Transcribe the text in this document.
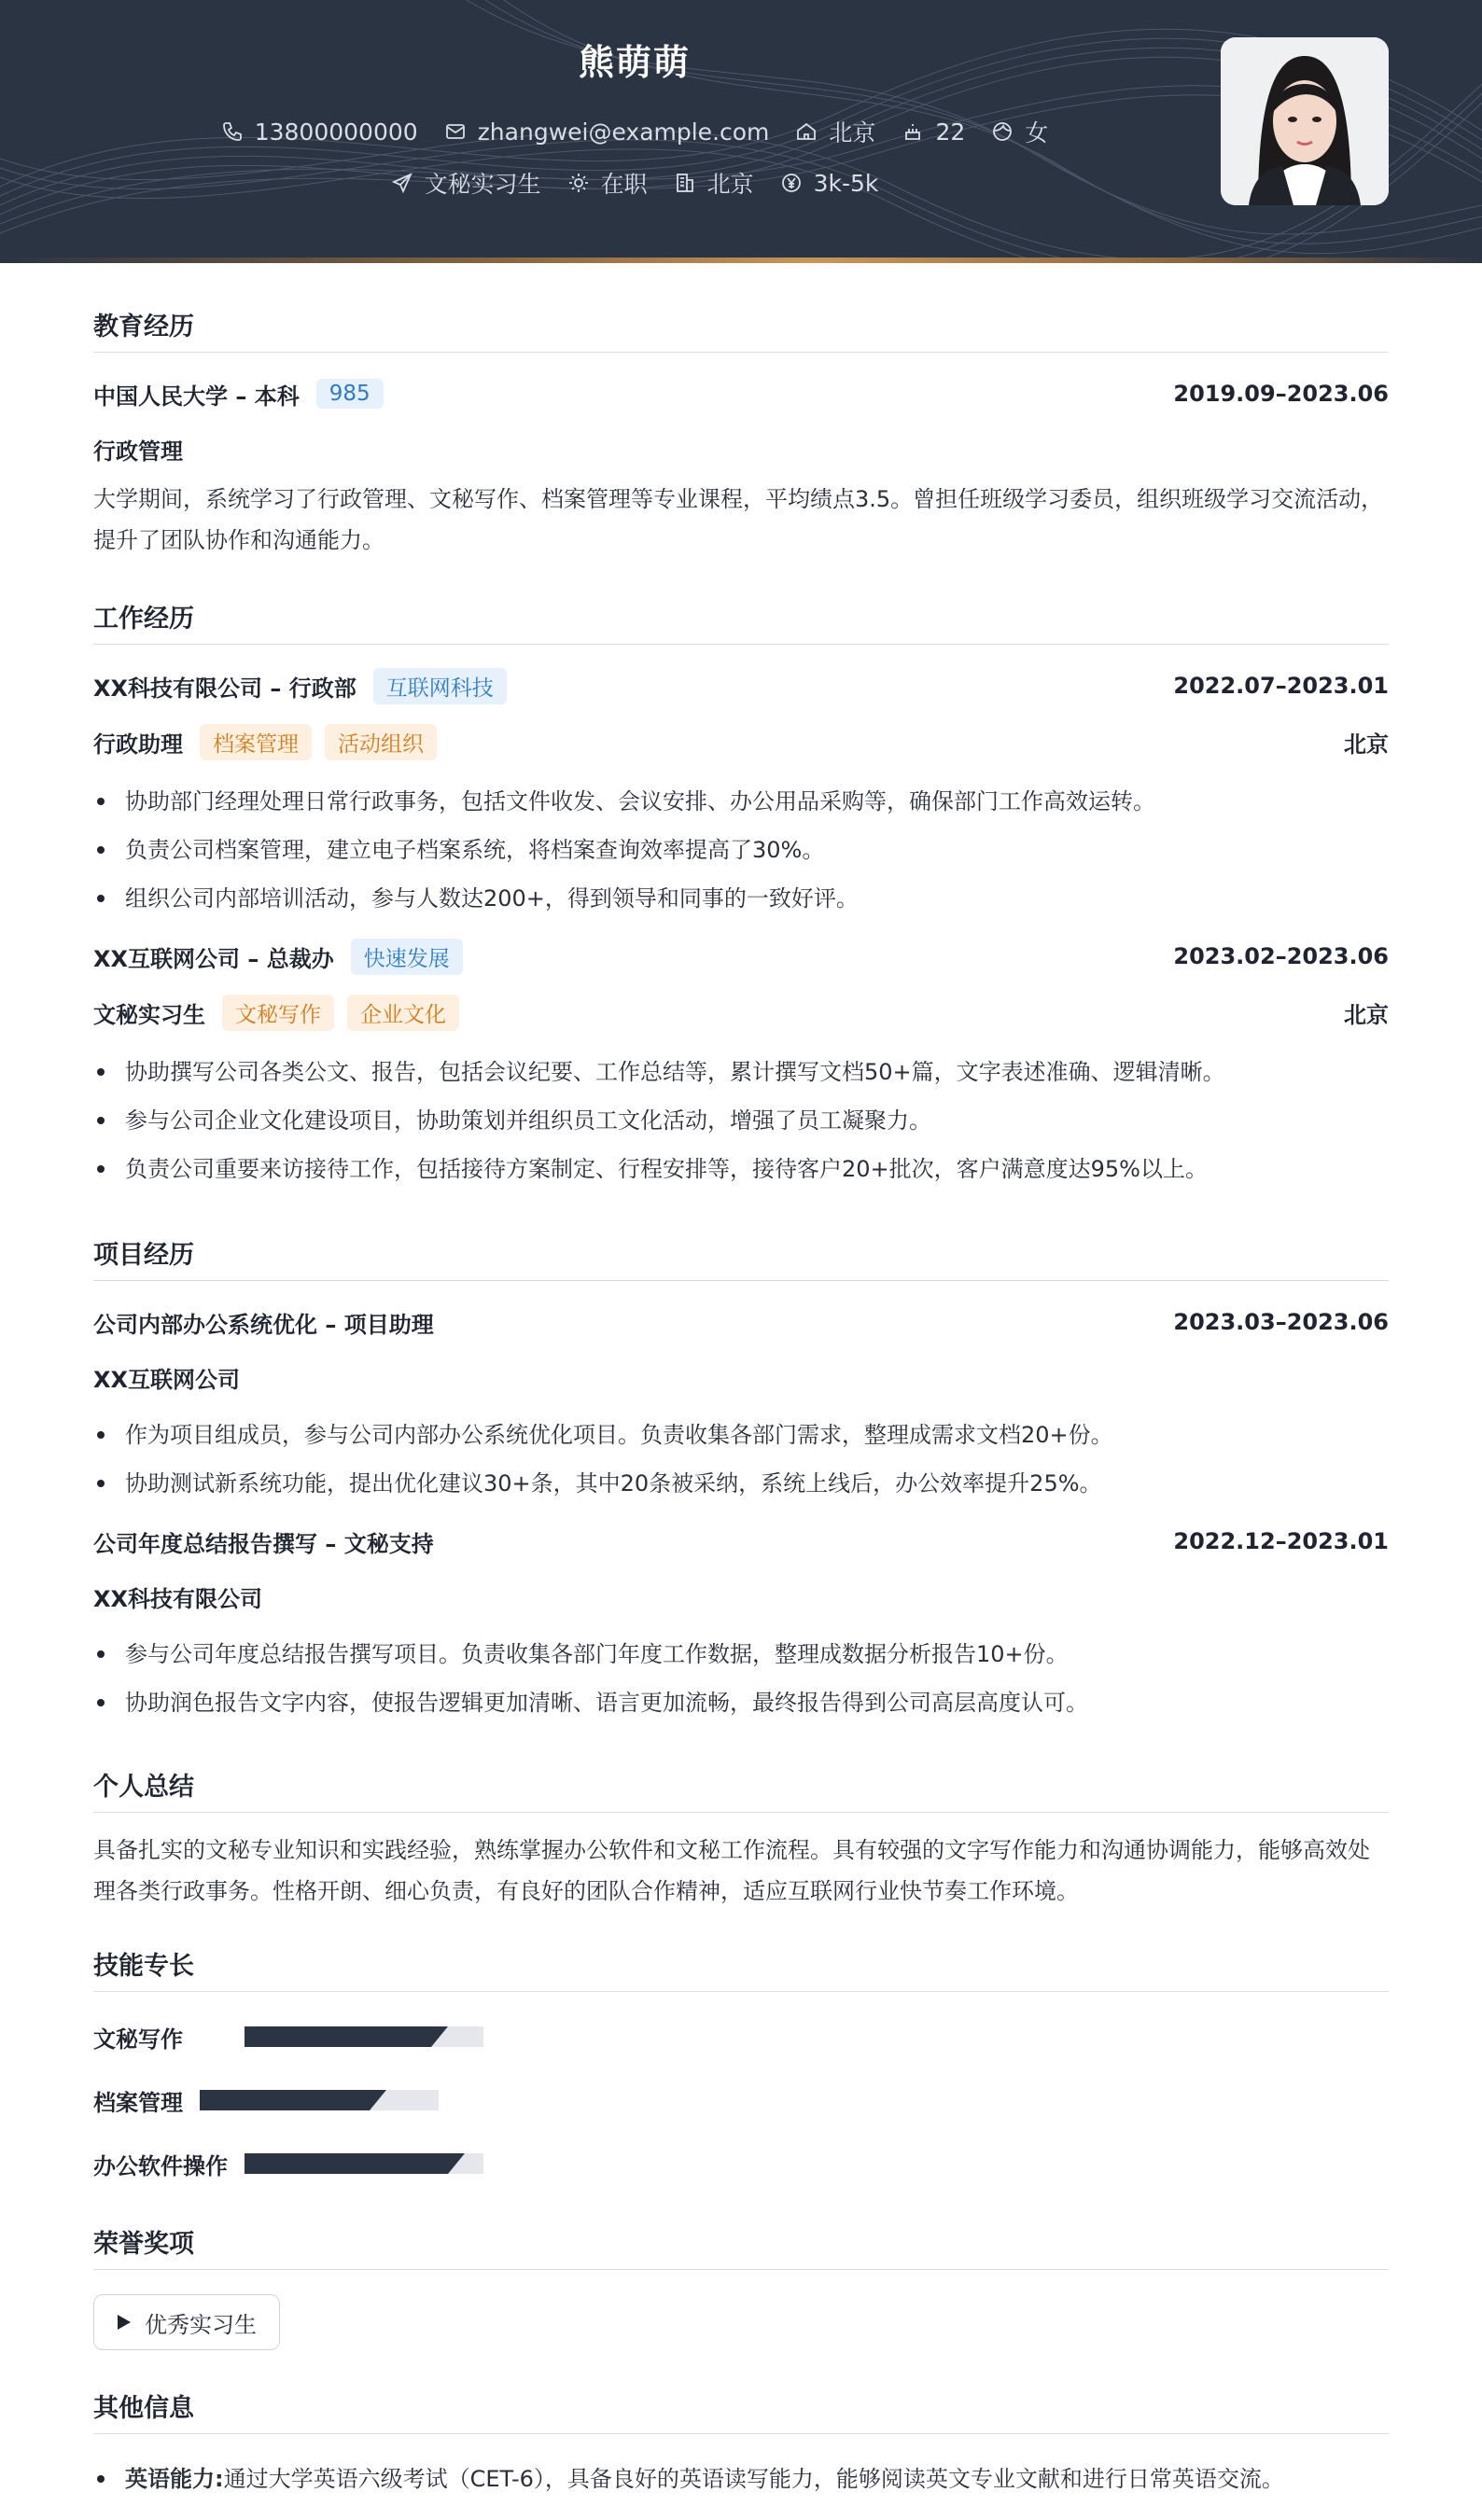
熊萌萌
13800000000	zhangwei@example.com	北京	22	女
文秘实习生	在职	北京	3k-5k
教育经历
中国人民大学 – 本科	985	2019.09–2023.06
行政管理
大学期间，系统学习了行政管理、文秘写作、档案管理等专业课程，平均绩点3.5。曾担任班级学习委员，组织班级学习交流活动，提升了团队协作和沟通能力。
工作经历
XX科技有限公司 – 行政部	互联网科技	2022.07–2023.01
行政助理	档案管理	活动组织	北京
协助部门经理处理日常行政事务，包括文件收发、会议安排、办公用品采购等，确保部门工作高效运转。
负责公司档案管理，建立电子档案系统，将档案查询效率提高了30%。
组织公司内部培训活动，参与人数达200+，得到领导和同事的一致好评。
XX互联网公司 – 总裁办	快速发展	2023.02–2023.06
文秘实习生	文秘写作	企业文化	北京
协助撰写公司各类公文、报告，包括会议纪要、工作总结等，累计撰写文档50+篇，文字表述准确、逻辑清晰。
参与公司企业文化建设项目，协助策划并组织员工文化活动，增强了员工凝聚力。
负责公司重要来访接待工作，包括接待方案制定、行程安排等，接待客户20+批次，客户满意度达95%以上。
项目经历
公司内部办公系统优化 – 项目助理	2023.03–2023.06
XX互联网公司
作为项目组成员，参与公司内部办公系统优化项目。负责收集各部门需求，整理成需求文档20+份。
协助测试新系统功能，提出优化建议30+条，其中20条被采纳，系统上线后，办公效率提升25%。
公司年度总结报告撰写 – 文秘支持	2022.12–2023.01
XX科技有限公司
参与公司年度总结报告撰写项目。负责收集各部门年度工作数据，整理成数据分析报告10+份。
协助润色报告文字内容，使报告逻辑更加清晰、语言更加流畅，最终报告得到公司高层高度认可。
个人总结
具备扎实的文秘专业知识和实践经验，熟练掌握办公软件和文秘工作流程。具有较强的文字写作能力和沟通协调能力，能够高效处理各类行政事务。性格开朗、细心负责，有良好的团队合作精神，适应互联网行业快节奏工作环境。
技能专长
文秘写作
档案管理
办公软件操作
荣誉奖项
优秀实习生
其他信息
英语能力:通过大学英语六级考试（CET-6），具备良好的英语读写能力，能够阅读英文专业文献和进行日常英语交流。
